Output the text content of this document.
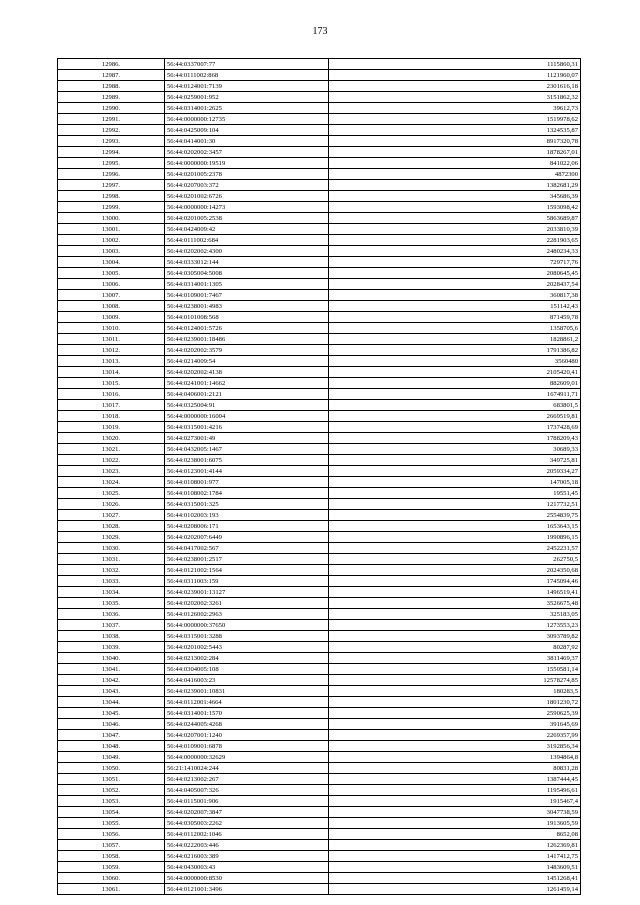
173
12986.	56:44:0337007:77	1115860,31
12987.	56:44:0111002:868	1121960,07
12988.	56:44:0124001:7139	2301616,18
12989.	56:44:0259001:952	3151862,32
12990.	56:44:0314001:2625	39612,73
12991.	56:44:0000000:12735	1519978,62
12992.	56:44:0425009:104	1324535,87
12993.	56:44:0414001:30	8917320,78
12994.	56:44:0202002:3457	1878267,01
12995.	56:44:0000000:19519	841022,06
12996.	56:44:0201005:2378	4872300
12997.	56:44:0207003:372	1382681,29
12998.	56:44:0201002:6726	345686,39
12999.	56:44:0000000:14273	1593098,42
13000.	56:44:0201005:2538	5863689,87
13001.	56:44:0424009:42	2033810,39
13002.	56:44:0111002:684	2281903,65
13003.	56:44:0202002:4300	2480234,33
13004.	56:44:0333012:144	729717,76
13005.	56:44:0305004:5008	2080645,45
13006.	56:44:0314001:1305	2028437,54
13007.	56:44:0109001:7467	360817,38
13008.	56:44:0238001:4983	151142,43
13009.	56:44:0101008:568	871459,78
13010.	56:44:0124001:5726	1358705,6
13011.	56:44:0239001:18486	1828861,2
13012.	56:44:0202002:3579	1791386,82
13013.	56:44:0214009:54	3560480
13014.	56:44:0202002:4138	2105420,41
13015.	56:44:0241001:14662	882609,01
13016.	56:44:0406001:2121	1674911,71
13017.	56:44:0325004:91	683801,5
13018.	56:44:0000000:16004	2669519,81
13019.	56:44:0315001:4216	1737428,69
13020.	56:44:0273001:49	1788209,43
13021.	56:44:0432005:1467	30689,33
13022.	56:44:0238001:6075	349725,81
13023.	56:44:0123001:4144	2059334,27
13024.	56:44:0108001:977	147005,18
13025.	56:44:0108002:1784	19551,45
13026.	56:44:0315001:325	1217732,51
13027.	56:44:0102003:193	2554839,75
13028.	56:44:0208006:171	1653643,15
13029.	56:44:0202007:6449	1990896,15
13030.	56:44:0417002:567	2452231,57
13031.	56:44:0238001:2517	262750,5
13032.	56:44:0121002:1564	2024350,68
13033.	56:44:0311003:159	1745094,46
13034.	56:44:0239001:13127	1496519,41
13035.	56:44:0202002:3261	3526675,48
13036.	56:44:0126002:2963	325183,05
13037.	56:44:0000000:37650	1273553,23
13038.	56:44:0315001:3288	3093789,82
13039.	56:44:0201002:5443	80287,92
13040.	56:44:0213002:284	3811469,37
13041.	56:44:0304005:108	1550581,14
13042.	56:44:0416003:23	12578274,85
13043.	56:44:0239001:10831	180283,5
13044.	56:44:0112001:4664	1801230,72
13045.	56:44:0314001:1570	2590625,39
13046.	56:44:0244005:4268	391645,69
13047.	56:44:0207001:1240	2269357,99
13048.	56:44:0109001:6878	3192856,34
13049.	56:44:0000000:32629	1394864,8
13050.	56:21:1410024:244	80831,28
13051.	56:44:0213002:267	1387444,45
13052.	56:44:0405007:326	1195496,61
13053.	56:44:0115001:906	1915467,4
13054.	56:44:0202007:3847	3047738,59
13055.	56:44:0305003:2262	1913605,59
13056.	56:44:0112002:1046	8652,08
13057.	56:44:0222003:446	1262369,81
13058.	56:44:0216003:389	1417412,75
13059.	56:44:0430003:43	1483609,51
13060.	56:44:0000000:8530	1451268,41
13061.	56:44:0121001:3496	1261459,14
